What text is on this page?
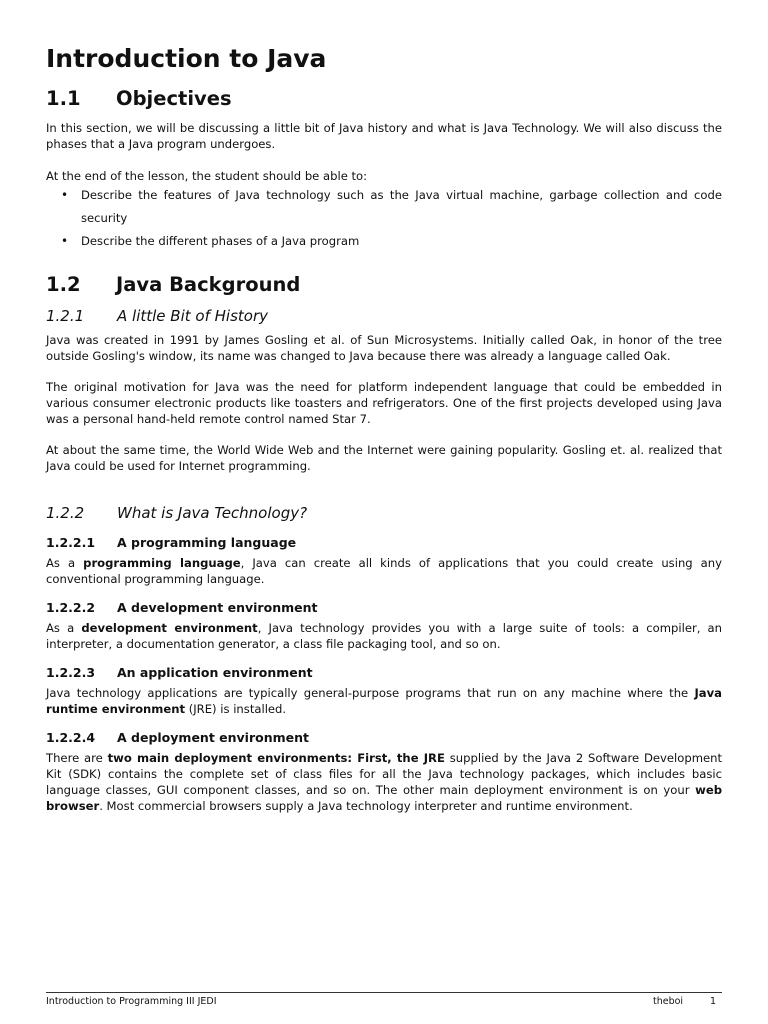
Introduction to Java
1.1 Objectives

In this section, we will be discussing a little bit of Java history and what is Java Technology. We will also discuss the phases that a Java program undergoes.

At the end of the lesson, the student should be able to:

• Describe the features of Java technology such as the Java virtual machine, garbage collection and code security
• Describe the different phases of a Java program
1.2 Java Background
1.2.1 A little Bit of History

Java was created in 1991 by James Gosling et al. of Sun Microsystems. Initially called Oak, in honor of the tree outside Gosling's window, its name was changed to Java because there was already a language called Oak.

The original motivation for Java was the need for platform independent language that could be embedded in various consumer electronic products like toasters and refrigerators. One of the first projects developed using Java was a personal hand-held remote control named Star 7.

At about the same time, the World Wide Web and the Internet were gaining popularity. Gosling et. al. realized that Java could be used for Internet programming.

1.2.2 What is Java Technology?
1.2.2.1 A programming language

As a programming language, Java can create all kinds of applications that you could create using any conventional programming language.

1.2.2.2 A development environment

As a development environment, Java technology provides you with a large suite of tools: a compiler, an interpreter, a documentation generator, a class file packaging tool, and so on.

1.2.2.3 An application environment

Java technology applications are typically general-purpose programs that run on any machine where the Java runtime environment (JRE) is installed.

1.2.2.4 A deployment environment

There are two main deployment environments: First, the JRE supplied by the Java 2 Software Development Kit (SDK) contains the complete set of class files for all the Java technology packages, which includes basic language classes, GUI component classes, and so on. The other main deployment environment is on your web browser. Most commercial browsers supply a Java technology interpreter and runtime environment.

Introduction to Programming III JEDI	theboi	1
